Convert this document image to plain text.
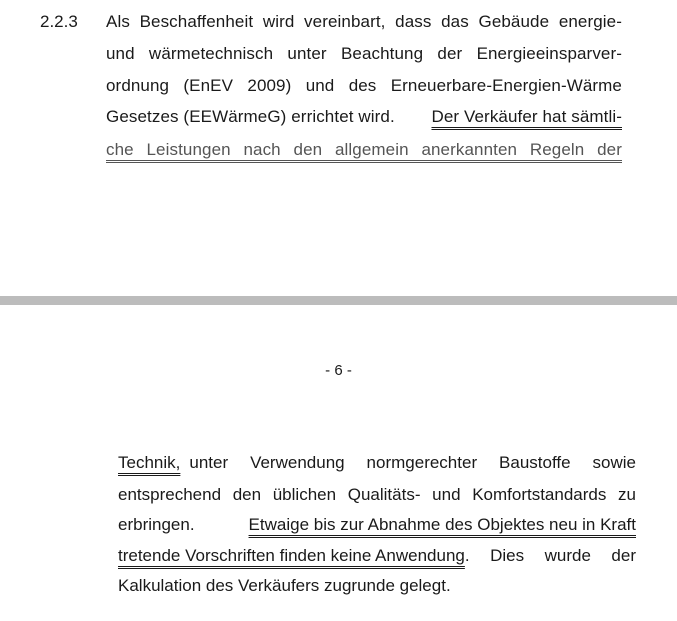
2.2.3 Als Beschaffenheit wird vereinbart, dass das Gebäude energie-
und wärmetechnisch unter Beachtung der Energieeinsparver-
ordnung (EnEV 2009) und des Erneuerbare-Energien-Wärme
Gesetzes (EEWärmeG) errichtet wird. Der Verkäufer hat sämtli-
che Leistungen nach den allgemein anerkannten Regeln der
- 6 -
Technik, unter Verwendung normgerechter Baustoffe sowie
entsprechend den üblichen Qualitäts- und Komfortstandards zu
erbringen.	Etwaige bis zur Abnahme des Objektes neu in Kraft
tretende Vorschriften finden keine Anwendung . Dies wurde der
Kalkulation des Verkäufers zugrunde gelegt.
